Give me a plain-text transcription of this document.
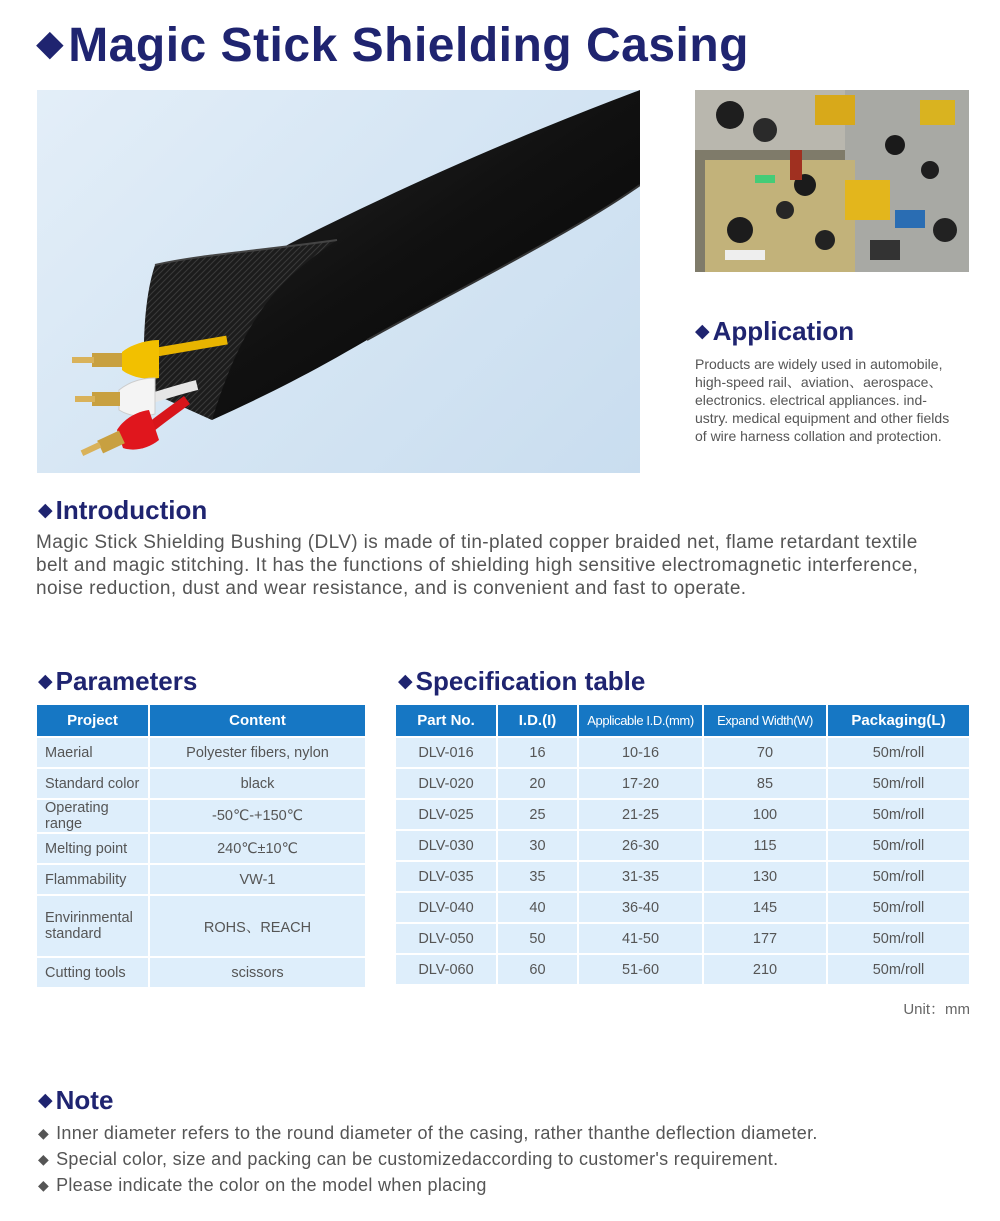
◆Magic Stick Shielding Casing
◆ Application
Products are widely used in automobile,
high-speed rail、aviation、aerospace、
electronics. electrical appliances. ind-
ustry. medical equipment and other fields
of wire harness collation and protection.
◆ Introduction
Magic Stick Shielding Bushing (DLV) is made of tin-plated copper braided net, flame retardant textile
belt and magic stitching. It has the functions of shielding high sensitive electromagnetic interference,
noise reduction, dust and wear resistance, and is convenient and fast to operate.
◆ Parameters
Project	Content
Maerial	Polyester fibers, nylon
Standard color	black
Operating range	-50℃-+150℃
Melting point	240℃±10℃
Flammability	VW-1
Envirinmental standard	ROHS、REACH
Cutting tools	scissors
◆ Specification table
Part No.	I.D.(I)	Applicable I.D.(mm)	Expand Width(W)	Packaging(L)
DLV-016	16	10-16	70	50m/roll
DLV-020	20	17-20	85	50m/roll
DLV-025	25	21-25	100	50m/roll
DLV-030	30	26-30	115	50m/roll
DLV-035	35	31-35	130	50m/roll
DLV-040	40	36-40	145	50m/roll
DLV-050	50	41-50	177	50m/roll
DLV-060	60	51-60	210	50m/roll
Unit：mm
◆ Note
◆ Inner diameter refers to the round diameter of the casing, rather thanthe deflection diameter.
◆ Special color, size and packing can be customizedaccording to customer's requirement.
◆ Please indicate the color on the model when placing
